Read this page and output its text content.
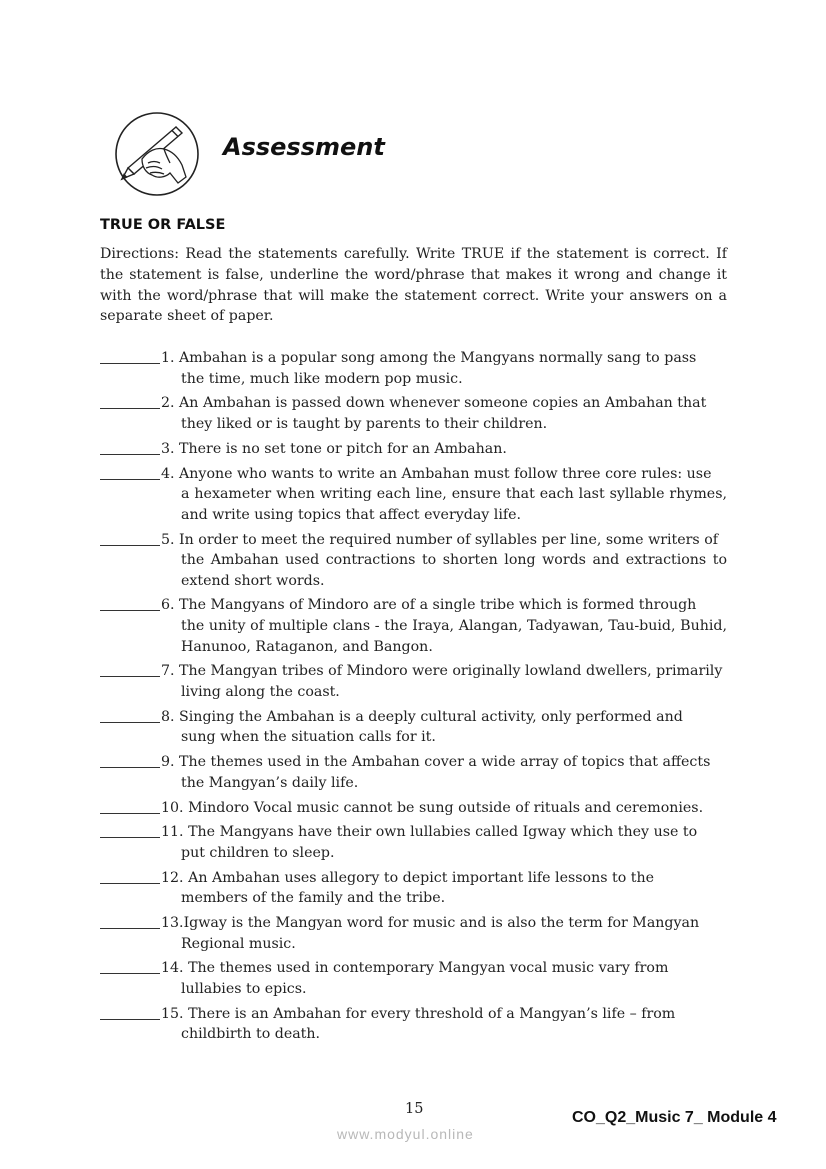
Assessment
TRUE OR FALSE
Directions: Read the statements carefully. Write TRUE if the statement is correct. If the statement is false, underline the word/phrase that makes it wrong and change it with the word/phrase that will make the statement correct. Write your answers on a separate sheet of paper.
1. Ambahan is a popular song among the Mangyans normally sang to pass
the time, much like modern pop music.
2. An Ambahan is passed down whenever someone copies an Ambahan that
they liked or is taught by parents to their children.
3. There is no set tone or pitch for an Ambahan.
4. Anyone who wants to write an Ambahan must follow three core rules: use
a hexameter when writing each line, ensure that each last syllable rhymes, and write using topics that affect everyday life.
5. In order to meet the required number of syllables per line, some writers of
the Ambahan used contractions to shorten long words and extractions to extend short words.
6. The Mangyans of Mindoro are of a single tribe which is formed through
the unity of multiple clans - the Iraya, Alangan, Tadyawan, Tau-buid, Buhid, Hanunoo, Rataganon, and Bangon.
7. The Mangyan tribes of Mindoro were originally lowland dwellers, primarily
living along the coast.
8. Singing the Ambahan is a deeply cultural activity, only performed and
sung when the situation calls for it.
9. The themes used in the Ambahan cover a wide array of topics that affects
the Mangyan’s daily life.
10. Mindoro Vocal music cannot be sung outside of rituals and ceremonies.
11. The Mangyans have their own lullabies called Igway which they use to
put children to sleep.
12. An Ambahan uses allegory to depict important life lessons to the
members of the family and the tribe.
13.Igway is the Mangyan word for music and is also the term for Mangyan
Regional music.
14. The themes used in contemporary Mangyan vocal music vary from
lullabies to epics.
15. There is an Ambahan for every threshold of a Mangyan’s life – from
childbirth to death.
15	CO_Q2_Music 7_ Module 4
www.modyul.online
